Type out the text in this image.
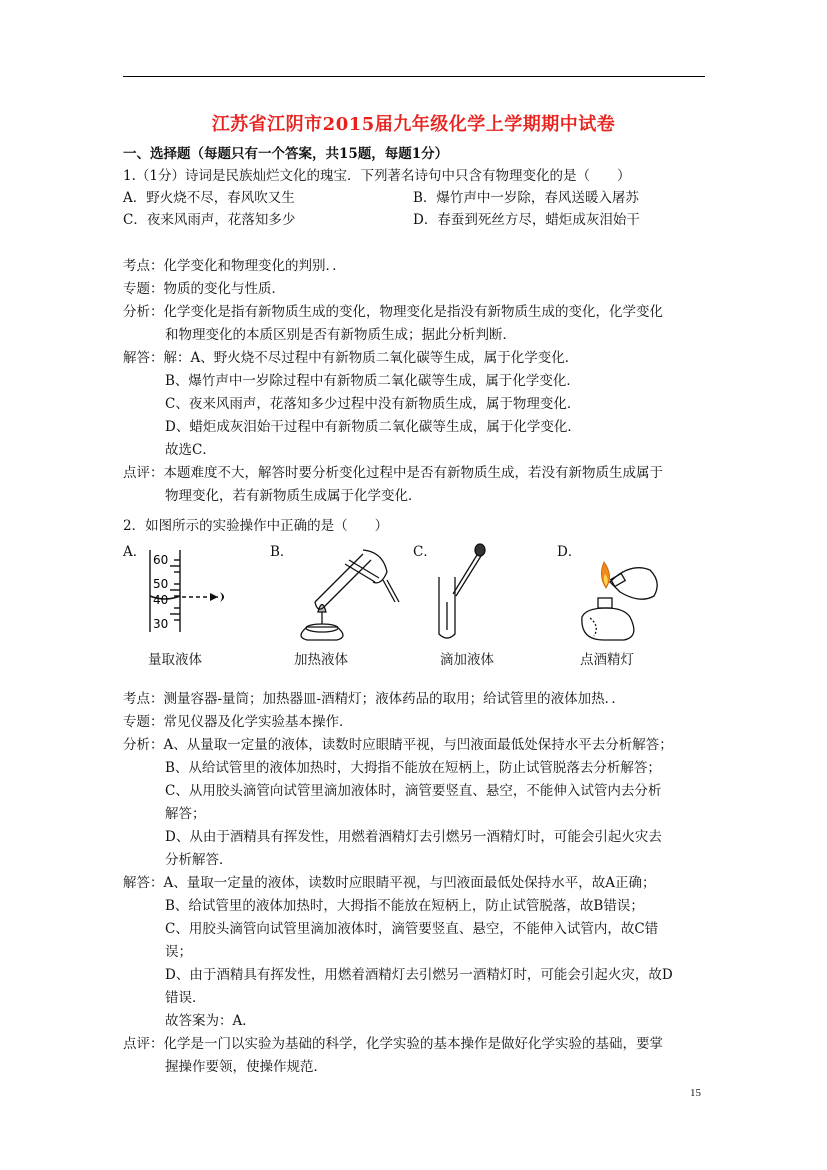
江苏省江阴市2015届九年级化学上学期期中试卷
一、选择题（每题只有一个答案，共15题，每题1分）
1.（1分）诗词是民族灿烂文化的瑰宝．下列著名诗句中只含有物理变化的是（　　）
A．野火烧不尽，春风吹又生	B．爆竹声中一岁除，春风送暖入屠苏
C．夜来风雨声，花落知多少	D．春蚕到死丝方尽，蜡炬成灰泪始干
考点：化学变化和物理变化的判别．．
专题：物质的变化与性质．
分析：化学变化是指有新物质生成的变化，物理变化是指没有新物质生成的变化，化学变化
和物理变化的本质区别是否有新物质生成；据此分析判断．
解答：解：A、野火烧不尽过程中有新物质二氧化碳等生成，属于化学变化．
B、爆竹声中一岁除过程中有新物质二氧化碳等生成，属于化学变化．
C、夜来风雨声，花落知多少过程中没有新物质生成，属于物理变化．
D、蜡炬成灰泪始干过程中有新物质二氧化碳等生成，属于化学变化．
故选C．
点评：本题难度不大，解答时要分析变化过程中是否有新物质生成，若没有新物质生成属于
物理变化，若有新物质生成属于化学变化．
2．如图所示的实验操作中正确的是（　　）
A．	B．	C．	D．
60
50
40
30
量取液体	加热液体	滴加液体	点酒精灯
考点：测量容器-量筒；加热器皿-酒精灯；液体药品的取用；给试管里的液体加热．．
专题：常见仪器及化学实验基本操作．
分析：A、从量取一定量的液体，读数时应眼睛平视，与凹液面最低处保持水平去分析解答；
B、从给试管里的液体加热时，大拇指不能放在短柄上，防止试管脱落去分析解答；
C、从用胶头滴管向试管里滴加液体时，滴管要竖直、悬空，不能伸入试管内去分析
解答；
D、从由于酒精具有挥发性，用燃着酒精灯去引燃另一酒精灯时，可能会引起火灾去
分析解答．
解答：A、量取一定量的液体，读数时应眼睛平视，与凹液面最低处保持水平，故A正确；
B、给试管里的液体加热时，大拇指不能放在短柄上，防止试管脱落，故B错误；
C、用胶头滴管向试管里滴加液体时，滴管要竖直、悬空，不能伸入试管内，故C错
误；
D、由于酒精具有挥发性，用燃着酒精灯去引燃另一酒精灯时，可能会引起火灾，故D
错误．
故答案为：A．
点评：化学是一门以实验为基础的科学，化学实验的基本操作是做好化学实验的基础，要掌
握操作要领，使操作规范．
15
